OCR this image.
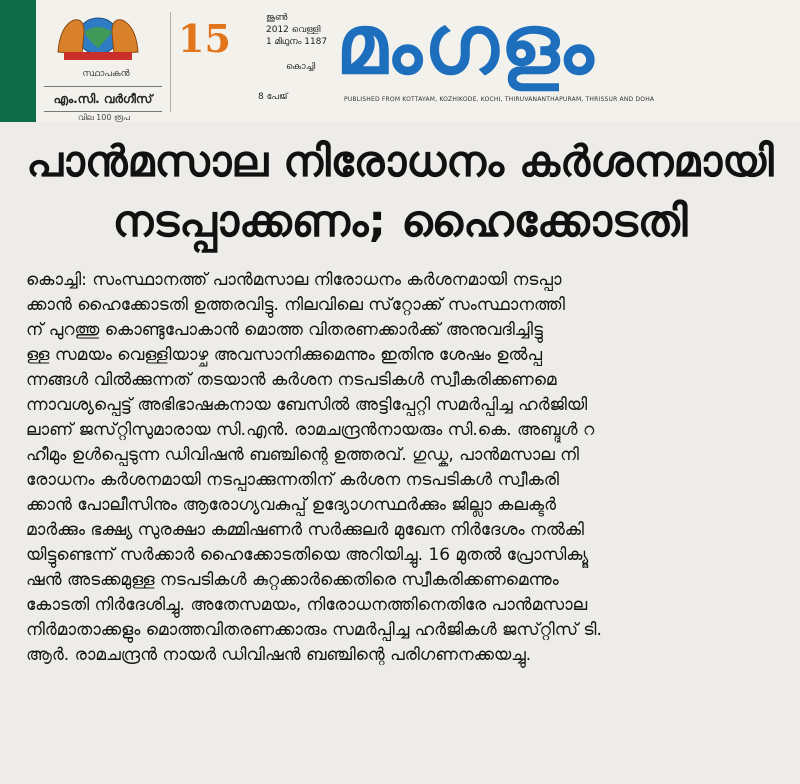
സ്ഥാപകൻ
എം.സി. വർഗീസ്
വില 100 രൂപ
15	ജൂൺ
2012 വെള്ളി
1 മിഥുനം 1187
കൊച്ചി
8 പേജ്
മംഗളം
PUBLISHED FROM KOTTAYAM, KOZHIKODE, KOCHI, THIRUVANANTHAPURAM, THRISSUR AND DOHA
പാൻമസാല നിരോധനം കർശനമായി
നടപ്പാക്കണം; ഹൈക്കോടതി
കൊച്ചി: സംസ്ഥാനത്ത് പാൻമസാല നിരോധനം കർശനമായി നടപ്പാ
ക്കാൻ ഹൈക്കോടതി ഉത്തരവിട്ടു. നിലവിലെ സ്‌റ്റോക്ക് സംസ്ഥാനത്തി
ന് പുറത്തു കൊണ്ടുപോകാൻ മൊത്ത വിതരണക്കാർക്ക് അനുവദിച്ചിട്ടു
ള്ള സമയം വെള്ളിയാഴ്ച അവസാനിക്കുമെന്നും ഇതിനു ശേഷം ഉൽപ്പ
ന്നങ്ങൾ വിൽക്കുന്നത് തടയാൻ കർശന നടപടികൾ സ്വീകരിക്കണമെ
ന്നാവശ്യപ്പെട്ട് അഭിഭാഷകനായ ബേസിൽ അട്ടിപ്പേറ്റി സമർപ്പിച്ച ഹർജിയി
ലാണ് ജസ്‌റ്റിസുമാരായ സി.എൻ. രാമചന്ദ്രൻനായരും സി.കെ. അബ്ദുൾ റ
ഹീമും ഉൾപ്പെടുന്ന ഡിവിഷൻ ബഞ്ചിന്റെ ഉത്തരവ്. ഗുഡ്ക, പാൻമസാല നി
രോധനം കർശനമായി നടപ്പാക്കുന്നതിന് കർശന നടപടികൾ സ്വീകരി
ക്കാൻ പോലീസിനും ആരോഗ്യവകുപ്പ് ഉദ്യോഗസ്ഥർക്കും ജില്ലാ കലക്ടർ
മാർക്കും ഭക്ഷ്യ സുരക്ഷാ കമ്മിഷണർ സർക്കുലർ മുഖേന നിർദേശം നൽകി
യിട്ടുണ്ടെന്ന് സർക്കാർ ഹൈക്കോടതിയെ അറിയിച്ചു. 16 മുതൽ പ്രോസിക്യൂ
ഷൻ അടക്കമുള്ള നടപടികൾ കുറ്റക്കാർക്കെതിരെ സ്വീകരിക്കണമെന്നും
കോടതി നിർദേശിച്ചു. അതേസമയം, നിരോധനത്തിനെതിരേ പാൻമസാല
നിർമാതാക്കളും മൊത്തവിതരണക്കാരും സമർപ്പിച്ച ഹർജികൾ ജസ്‌റ്റിസ് ടി.
ആർ. രാമചന്ദ്രൻ നായർ ഡിവിഷൻ ബഞ്ചിന്റെ പരിഗണനക്കയച്ചു.
